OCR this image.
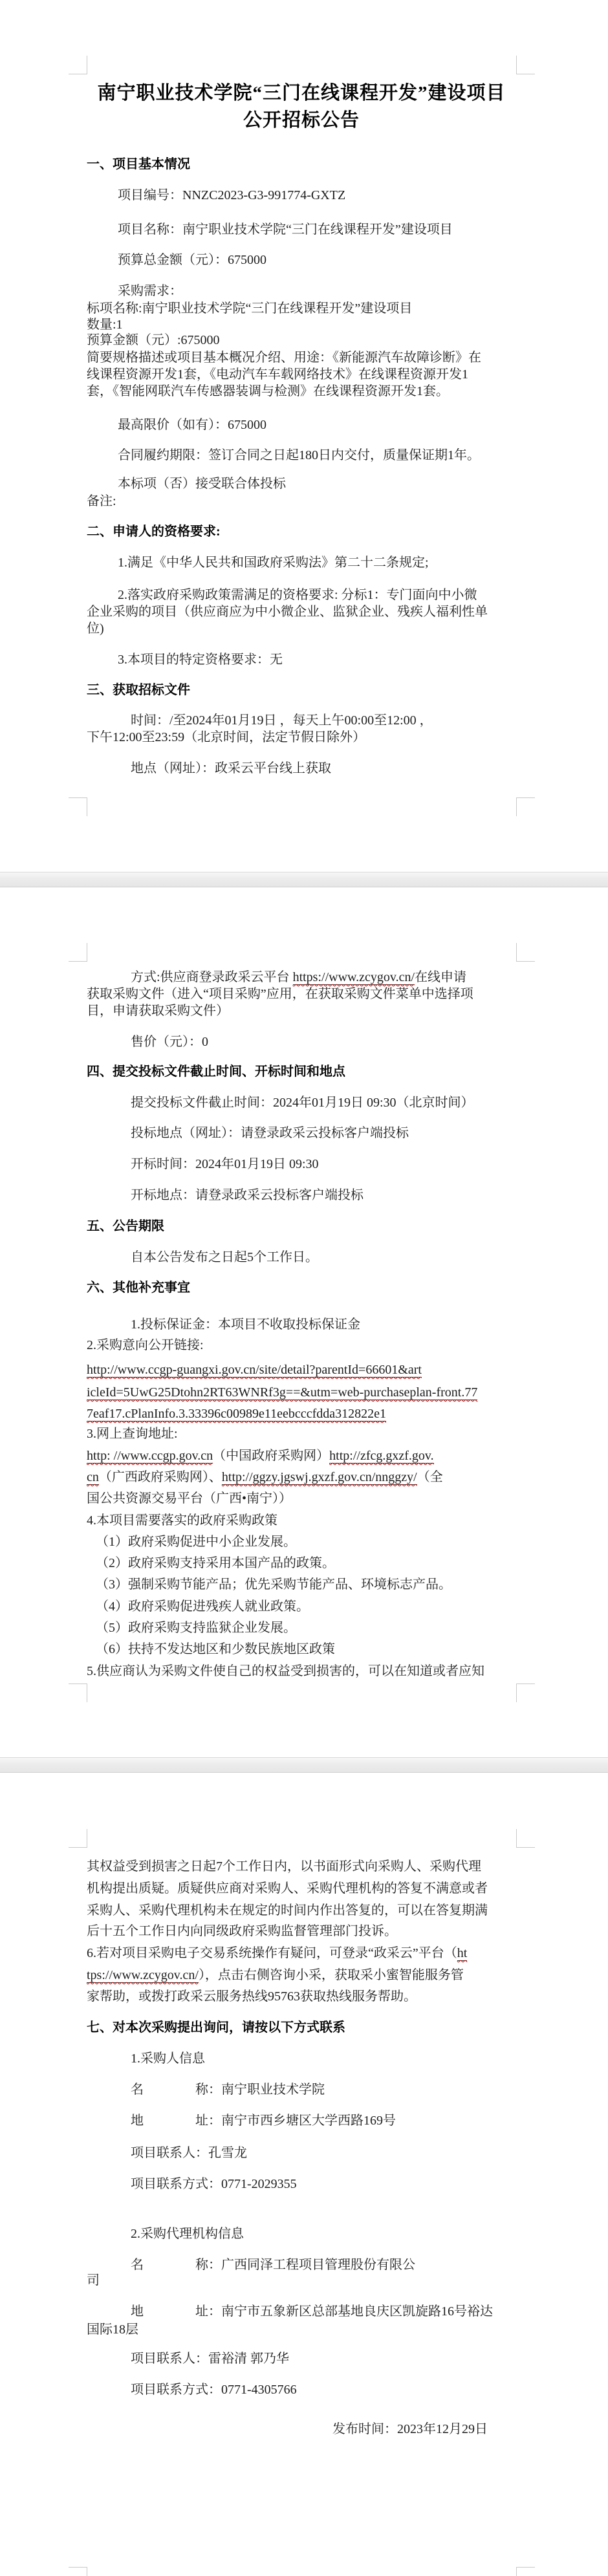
南宁职业技术学院“三门在线课程开发”建设项目
公开招标公告
一、项目基本情况
项目编号：NNZC2023-G3-991774-GXTZ
项目名称：南宁职业技术学院“三门在线课程开发”建设项目
预算总金额（元）：675000
采购需求：
标项名称:南宁职业技术学院“三门在线课程开发”建设项目
数量:1
预算金额（元）:675000
简要规格描述或项目基本概况介绍、用途：《新能源汽车故障诊断》在
线课程资源开发1套，《电动汽车车载网络技术》在线课程资源开发1
套，《智能网联汽车传感器装调与检测》在线课程资源开发1套。
最高限价（如有）：675000
合同履约期限：签订合同之日起180日内交付，质量保证期1年。
本标项（否）接受联合体投标
备注:
二、申请人的资格要求:
1.满足《中华人民共和国政府采购法》第二十二条规定;
2.落实政府采购政策需满足的资格要求: 分标1：专门面向中小微
企业采购的项目（供应商应为中小微企业、监狱企业、残疾人福利性单
位)
3.本项目的特定资格要求：无
三、获取招标文件
时间：/至2024年01月19日 ，每天上午00:00至12:00 ，
下午12:00至23:59（北京时间，法定节假日除外）
地点（网址）：政采云平台线上获取
方式:供应商登录政采云平台 https://www.zcygov.cn/在线申请
获取采购文件（进入“项目采购”应用，在获取采购文件菜单中选择项
目，申请获取采购文件）
售价（元）：0
四、提交投标文件截止时间、开标时间和地点
提交投标文件截止时间：2024年01月19日 09:30（北京时间）
投标地点（网址）：请登录政采云投标客户端投标
开标时间：2024年01月19日 09:30
开标地点：请登录政采云投标客户端投标
五、公告期限
自本公告发布之日起5个工作日。
六、其他补充事宜
1.投标保证金：本项目不收取投标保证金
2.采购意向公开链接:
http://www.ccgp-guangxi.gov.cn/site/detail?parentId=66601&art
icleId=5UwG25Dtohn2RT63WNRf3g==&utm=web-purchaseplan-front.77
7eaf17.cPlanInfo.3.33396c00989e11eebcccfdda312822e1
3.网上查询地址:
http: //www.ccgp.gov.cn（中国政府采购网）http://zfcg.gxzf.gov.
cn（广西政府采购网）、http://ggzy.jgswj.gxzf.gov.cn/nnggzy/（全
国公共资源交易平台（广西•南宁））
4.本项目需要落实的政府采购政策
（1）政府采购促进中小企业发展。
（2）政府采购支持采用本国产品的政策。
（3）强制采购节能产品；优先采购节能产品、环境标志产品。
（4）政府采购促进残疾人就业政策。
（5）政府采购支持监狱企业发展。
（6）扶持不发达地区和少数民族地区政策
5.供应商认为采购文件使自己的权益受到损害的，可以在知道或者应知
其权益受到损害之日起7个工作日内，以书面形式向采购人、采购代理
机构提出质疑。质疑供应商对采购人、采购代理机构的答复不满意或者
采购人、采购代理机构未在规定的时间内作出答复的，可以在答复期满
后十五个工作日内向同级政府采购监督管理部门投诉。
6.若对项目采购电子交易系统操作有疑问，可登录“政采云”平台（ht
tps://www.zcygov.cn/），点击右侧咨询小采，获取采小蜜智能服务管
家帮助，或拨打政采云服务热线95763获取热线服务帮助。
七、对本次采购提出询问，请按以下方式联系
1.采购人信息
名　　　　称：南宁职业技术学院
地　　　　址：南宁市西乡塘区大学西路169号
项目联系人：孔雪龙
项目联系方式：0771-2029355
2.采购代理机构信息
名　　　　称：广西同泽工程项目管理股份有限公
司
地　　　　址：南宁市五象新区总部基地良庆区凯旋路16号裕达
国际18层
项目联系人：雷裕清 郭乃华
项目联系方式：0771-4305766
发布时间：2023年12月29日
